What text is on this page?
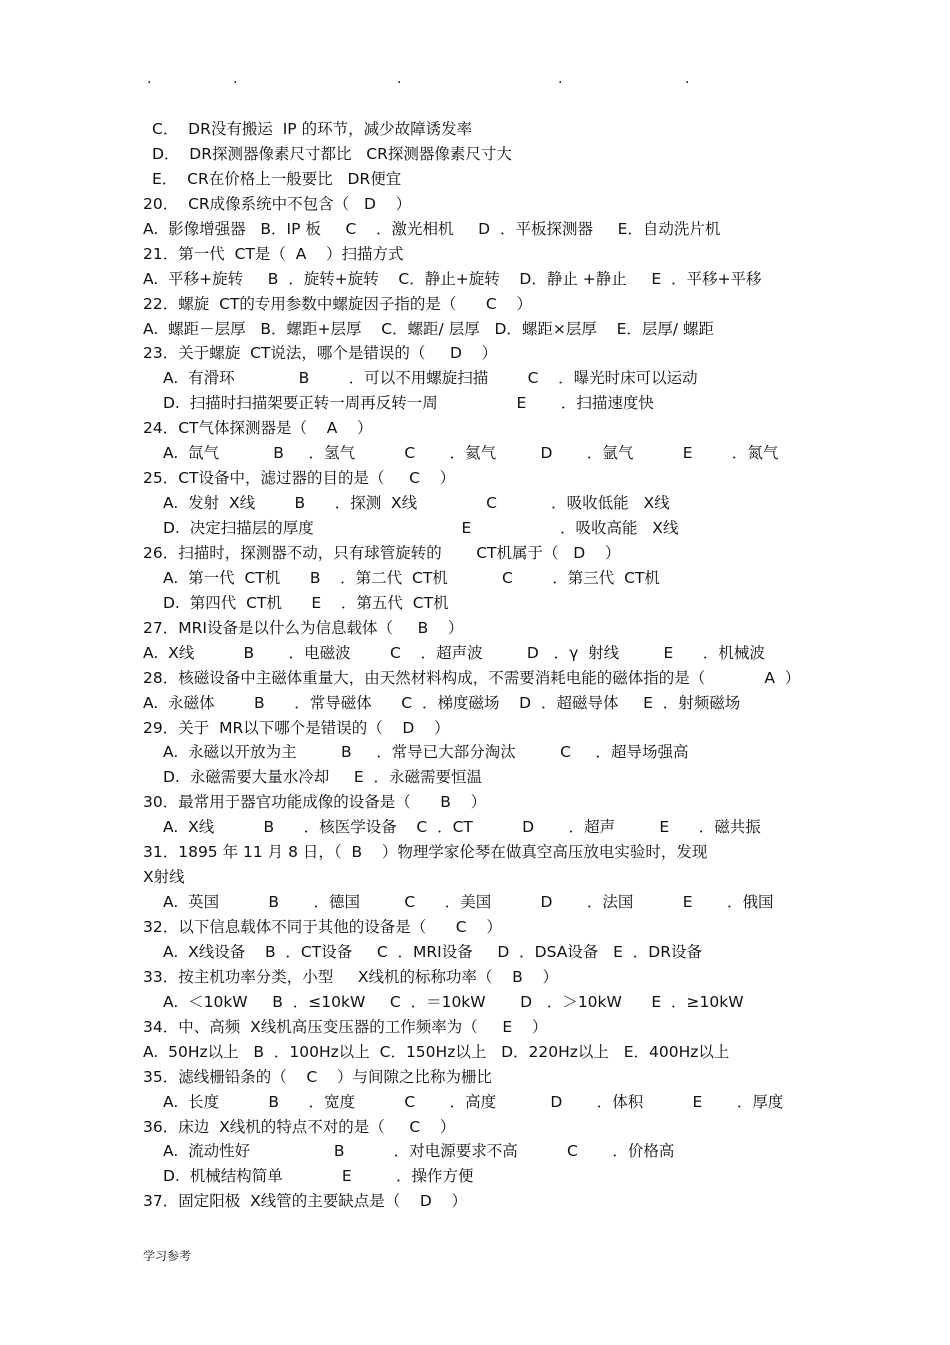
.	.	.	.	.
C．  DR没有搬运  IP 的环节，减少故障诱发率
D．  DR探测器像素尺寸都比   CR探测器像素尺寸大
E．  CR在价格上一般要比   DR便宜
20．  CR成像系统中不包含（   D    ）
A.  影像增强器   B．IP 板     C    ．激光相机     D  ．平板探测器     E．自动洗片机
21．第一代  CT是（  A    ）扫描方式
A.  平移+旋转     B  ．旋转+旋转    C．静止+旋转    D．静止 +静止     E  ．平移+平移
22．螺旋  CT的专用参数中螺旋因子指的是（      C    ）
A.  螺距－层厚   B．螺距+层厚    C．螺距/ 层厚   D．螺距×层厚    E．层厚/ 螺距
23．关于螺旋  CT说法，哪个是错误的（     D    ）
A.  有滑环             B        ．可以不用螺旋扫描        C    ．曝光时床可以运动
D.  扫描时扫描架要正转一周再反转一周                E       ．扫描速度快
24．CT气体探测器是（    A    ）
A.  氙气           B     ．氢气          C       ．氦气         D       ．氩气          E        ．氮气
25．CT设备中，滤过器的目的是（     C    ）
A.  发射  X线        B      ．探测  X线              C           ．吸收低能   X线
D.  决定扫描层的厚度                              E                  ．吸收高能   X线
26．扫描时，探测器不动，只有球管旋转的       CT机属于（   D    ）
A.  第一代  CT机      B    ．第二代  CT机           C        ．第三代  CT机
D.  第四代  CT机      E    ．第五代  CT机
27．MRI设备是以什么为信息载体（     B    ）
A.  X线          B       ．电磁波        C    ．超声波         D   ．γ  射线         E      ．机械波
28．核磁设备中主磁体重量大，由天然材料构成，不需要消耗电能的磁体指的是（            A  ）
A.  永磁体        B      ．常导磁体      C  ．梯度磁场    D  ．超磁导体     E  ．射频磁场
29．关于  MR以下哪个是错误的（    D    ）
A.  永磁以开放为主         B     ．常导已大部分淘汰         C     ．超导场强高
D.  永磁需要大量水冷却     E  ．永磁需要恒温
30．最常用于器官功能成像的设备是（      B    ）
A.  X线          B      ．核医学设备    C  ．CT          D       ．超声         E      ．磁共振
31．1895 年 11 月 8 日，（  B    ）物理学家伦琴在做真空高压放电实验时，发现
X射线
A.  英国          B       ．德国         C      ．美国          D       ．法国          E       ．俄国
32．以下信息载体不同于其他的设备是（      C    ）
A.  X线设备    B  ．CT设备     C  ．MRI设备     D  ．DSA设备   E  ．DR设备
33．按主机功率分类，小型     X线机的标称功率（    B    ）
A.  ＜10kW     B  ．≤10kW     C  ．＝10kW       D   ．＞10kW      E  ．≥10kW
34．中、高频  X线机高压变压器的工作频率为（     E    ）
A.  50Hz以上   B  ．100Hz以上  C．150Hz以上   D．220Hz以上   E．400Hz以上
35．滤线栅铅条的（    C    ）与间隙之比称为栅比
A.  长度          B      ．宽度          C       ．高度           D       ．体积          E       ．厚度
36．床边  X线机的特点不对的是（     C    ）
A.  流动性好                 B          ．对电源要求不高          C       ．价格高
D.  机械结构简单            E         ．操作方便
37．固定阳极  X线管的主要缺点是（    D    ）
学习参考
